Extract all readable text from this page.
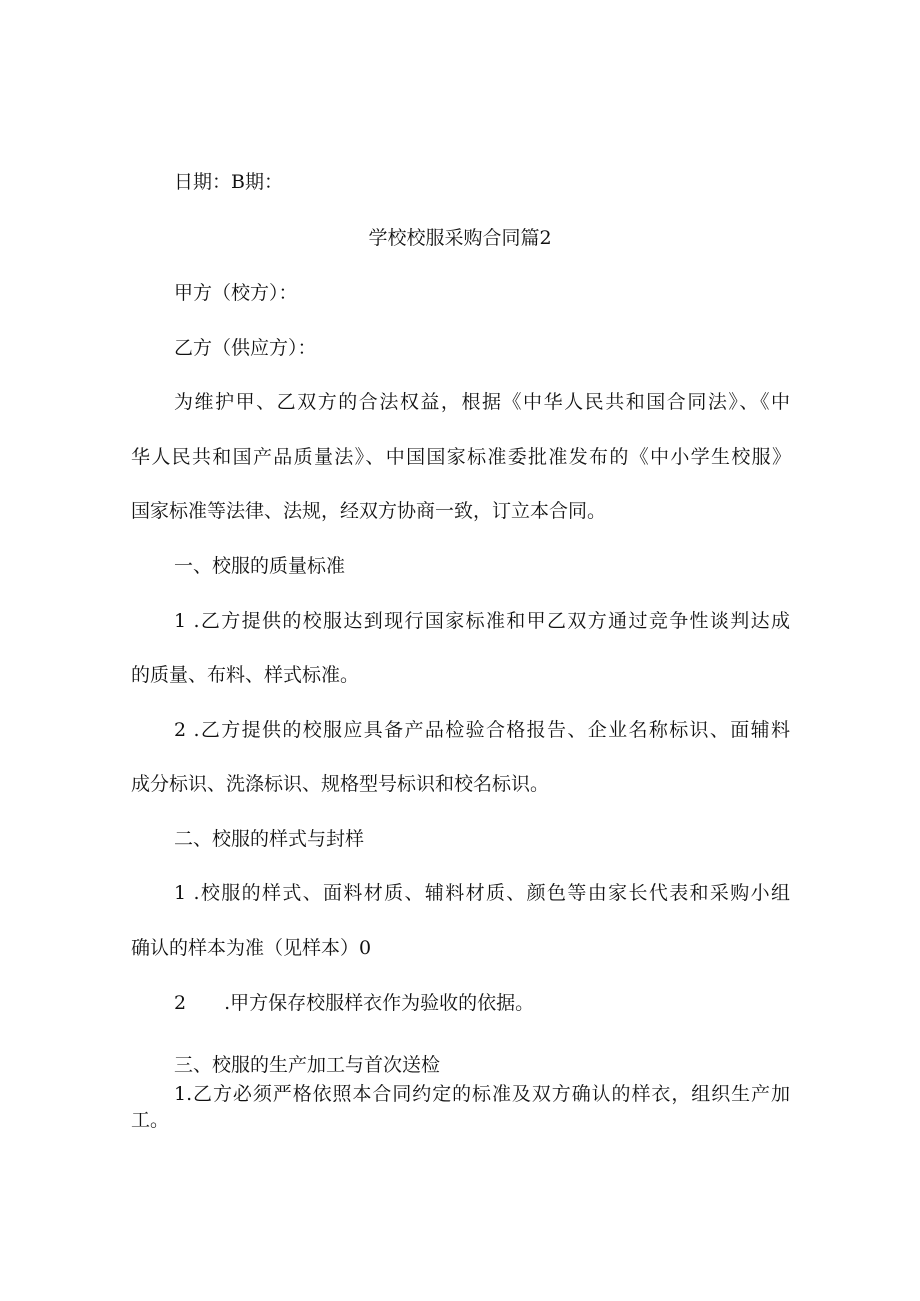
日期：B期：
学校校服采购合同篇2
甲方（校方）：
乙方（供应方）：
为维护甲、乙双方的合法权益，根据《中华人民共和国合同法》、《中
华人民共和国产品质量法》、中国国家标准委批准发布的《中小学生校服》
国家标准等法律、法规，经双方协商一致，订立本合同。
一、校服的质量标准
1 .乙方提供的校服达到现行国家标准和甲乙双方通过竞争性谈判达成
的质量、布料、样式标准。
2 .乙方提供的校服应具备产品检验合格报告、企业名称标识、面辅料
成分标识、洗涤标识、规格型号标识和校名标识。
二、校服的样式与封样
1 .校服的样式、面料材质、辅料材质、颜色等由家长代表和采购小组
确认的样本为准（见样本）0
2　　.甲方保存校服样衣作为验收的依据。
三、校服的生产加工与首次送检
1.乙方必须严格依照本合同约定的标准及双方确认的样衣，组织生产加
工。
